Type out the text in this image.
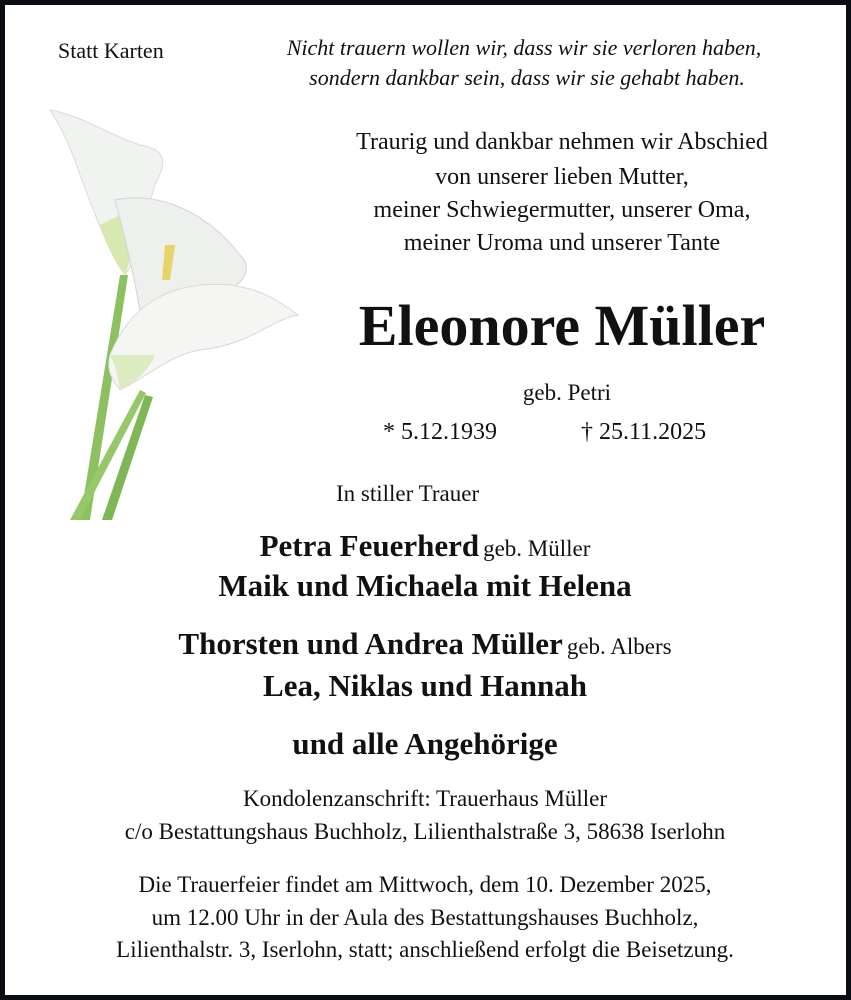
Statt Karten	Nicht trauern wollen wir, dass wir sie verloren haben,
sondern dankbar sein, dass wir sie gehabt haben.
Traurig und dankbar nehmen wir Abschied
von unserer lieben Mutter,
meiner Schwiegermutter, unserer Oma,
meiner Uroma und unserer Tante
Eleonore Müller
geb. Petri
* 5.12.1939	† 25.11.2025
In stiller Trauer
Petra Feuerherd geb. Müller
Maik und Michaela mit Helena
Thorsten und Andrea Müller geb. Albers
Lea, Niklas und Hannah
und alle Angehörige
Kondolenzanschrift: Trauerhaus Müller
c/o Bestattungshaus Buchholz, Lilienthalstraße 3, 58638 Iserlohn
Die Trauerfeier findet am Mittwoch, dem 10. Dezember 2025,
um 12.00 Uhr in der Aula des Bestattungshauses Buchholz,
Lilienthalstr. 3, Iserlohn, statt; anschließend erfolgt die Beisetzung.
